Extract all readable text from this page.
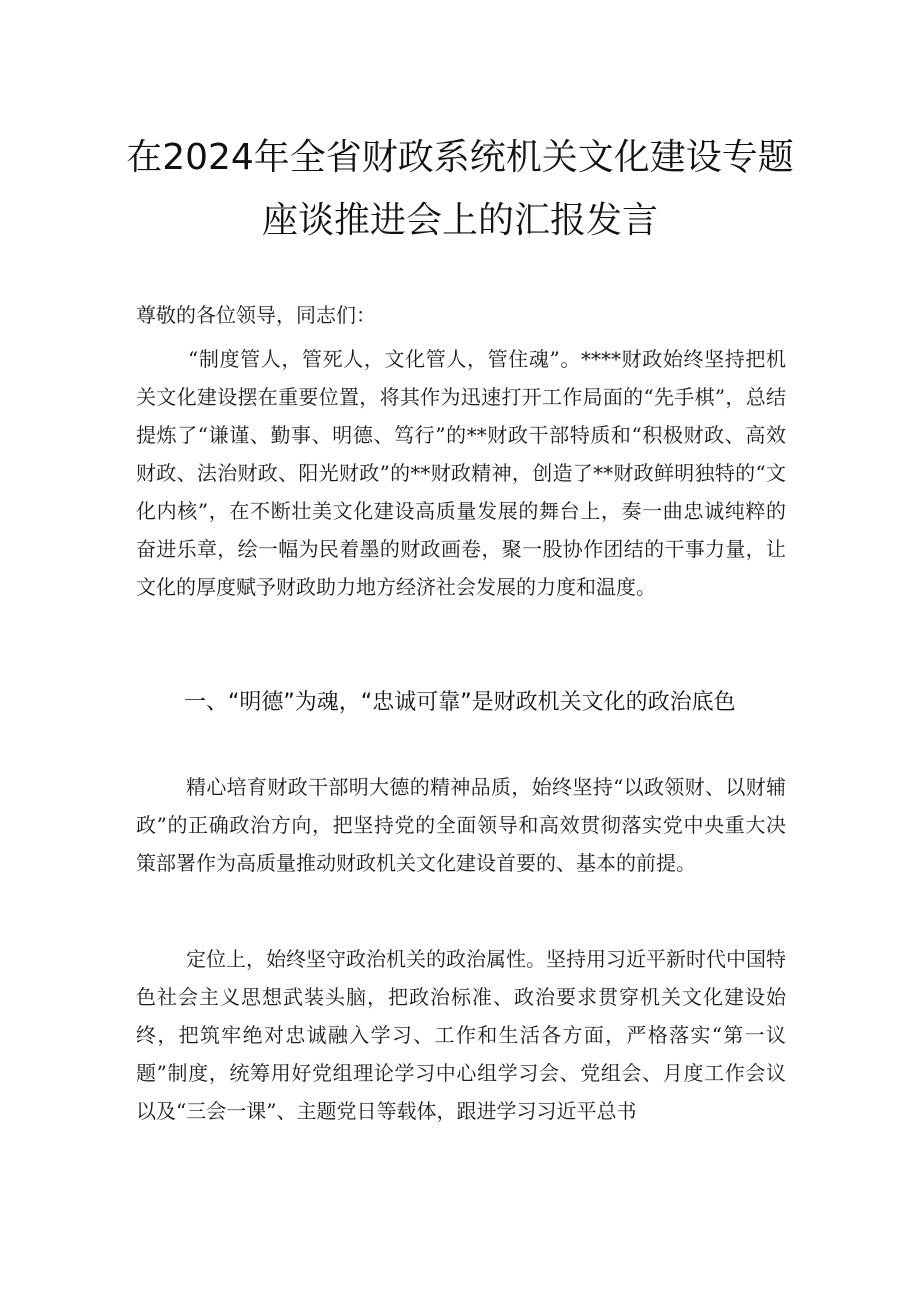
在2024年全省财政系统机关文化建设专题
座谈推进会上的汇报发言

尊敬的各位领导，同志们：

“制度管人，管死人，文化管人，管住魂”。****财政始终坚持把机关文化建设摆在重要位置，将其作为迅速打开工作局面的“先手棋”，总结提炼了“谦谨、勤事、明德、笃行”的**财政干部特质和“积极财政、高效财政、法治财政、阳光财政”的**财政精神，创造了**财政鲜明独特的“文化内核”，在不断壮美文化建设高质量发展的舞台上，奏一曲忠诚纯粹的奋进乐章，绘一幅为民着墨的财政画卷，聚一股协作团结的干事力量，让文化的厚度赋予财政助力地方经济社会发展的力度和温度。

一、“明德”为魂，“忠诚可靠”是财政机关文化的政治底色

精心培育财政干部明大德的精神品质，始终坚持“以政领财、以财辅政”的正确政治方向，把坚持党的全面领导和高效贯彻落实党中央重大决策部署作为高质量推动财政机关文化建设首要的、基本的前提。

定位上，始终坚守政治机关的政治属性。坚持用习近平新时代中国特色社会主义思想武装头脑，把政治标准、政治要求贯穿机关文化建设始终，把筑牢绝对忠诚融入学习、工作和生活各方面，严格落实“第一议题”制度，统筹用好党组理论学习中心组学习会、党组会、月度工作会议以及“三会一课”、主题党日等载体，跟进学习习近平总书
